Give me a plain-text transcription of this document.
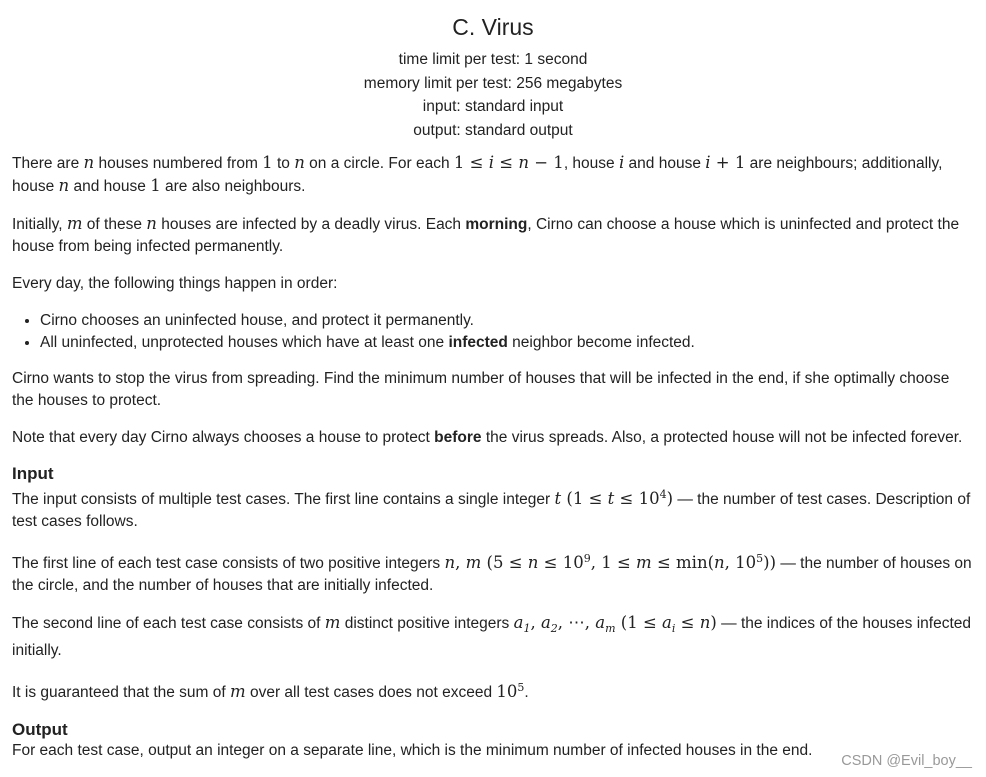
C. Virus
time limit per test: 1 second
memory limit per test: 256 megabytes
input: standard input
output: standard output

There are n houses numbered from 1 to n on a circle. For each 1 ≤ i ≤ n − 1, house i and house i + 1 are neighbours; additionally, house n and house 1 are also neighbours.

Initially, m of these n houses are infected by a deadly virus. Each morning, Cirno can choose a house which is uninfected and protect the house from being infected permanently.

Every day, the following things happen in order:

• Cirno chooses an uninfected house, and protect it permanently.
• All uninfected, unprotected houses which have at least one infected neighbor become infected.

Cirno wants to stop the virus from spreading. Find the minimum number of houses that will be infected in the end, if she optimally choose the houses to protect.

Note that every day Cirno always chooses a house to protect before the virus spreads. Also, a protected house will not be infected forever.

Input

The input consists of multiple test cases. The first line contains a single integer t $(1 \le t \le 10^4)$ — the number of test cases. Description of test cases follows.

The first line of each test case consists of two positive integers n, m ($5 \le n \le 10^9$, 1 ≤ m ≤ min(n, $10^5$)) — the number of houses on the circle, and the number of houses that are initially infected.

The second line of each test case consists of m distinct positive integers $a_1$, $a_2$, ⋯, $a_m$ $(1 \le a_i \le n)$ — the indices of the houses infected initially.

It is guaranteed that the sum of m over all test cases does not exceed $10^5$.

Output

For each test case, output an integer on a separate line, which is the minimum number of infected houses in the end.

CSDN @Evil_boy__
